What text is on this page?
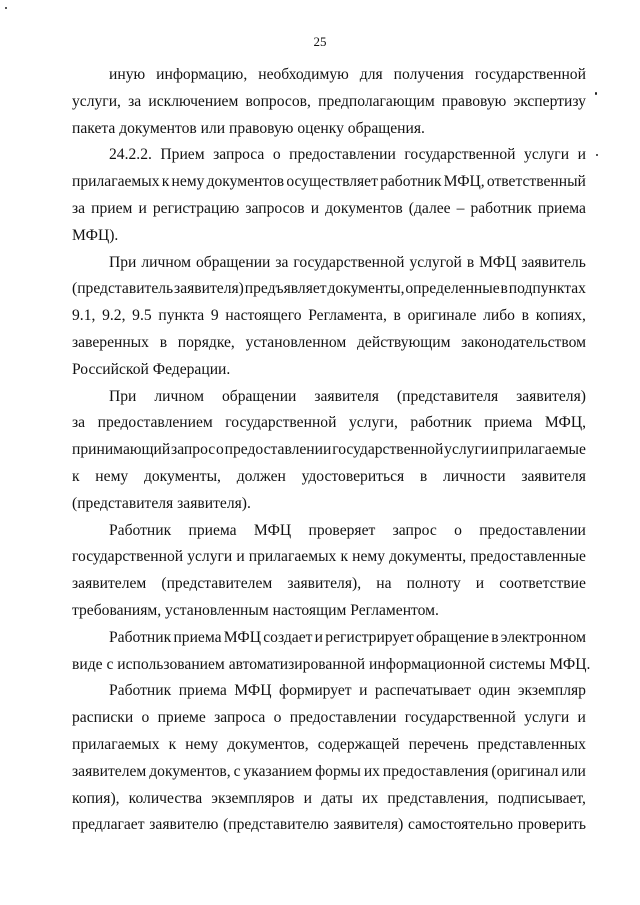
25
иную информацию, необходимую для получения государственной
услуги, за исключением вопросов, предполагающим правовую экспертизу
пакета документов или правовую оценку обращения.
24.2.2. Прием запроса о предоставлении государственной услуги и
прилагаемых к нему документов осуществляет работник МФЦ, ответственный
за прием и регистрацию запросов и документов (далее – работник приема
МФЦ).
При личном обращении за государственной услугой в МФЦ заявитель
(представитель заявителя) предъявляет документы, определенные в подпунктах
9.1, 9.2, 9.5 пункта 9 настоящего Регламента, в оригинале либо в копиях,
заверенных в порядке, установленном действующим законодательством
Российской Федерации.
При личном обращении заявителя (представителя заявителя)
за предоставлением государственной услуги, работник приема МФЦ,
принимающий запрос о предоставлении государственной услуги и прилагаемые
к нему документы, должен удостовериться в личности заявителя
(представителя заявителя).
Работник приема МФЦ проверяет запрос о предоставлении
государственной услуги и прилагаемых к нему документы, предоставленные
заявителем (представителем заявителя), на полноту и соответствие
требованиям, установленным настоящим Регламентом.
Работник приема МФЦ создает и регистрирует обращение в электронном
виде с использованием автоматизированной информационной системы МФЦ.
Работник приема МФЦ формирует и распечатывает один экземпляр
расписки о приеме запроса о предоставлении государственной услуги и
прилагаемых к нему документов, содержащей перечень представленных
заявителем документов, с указанием формы их предоставления (оригинал или
копия), количества экземпляров и даты их представления, подписывает,
предлагает заявителю (представителю заявителя) самостоятельно проверить
